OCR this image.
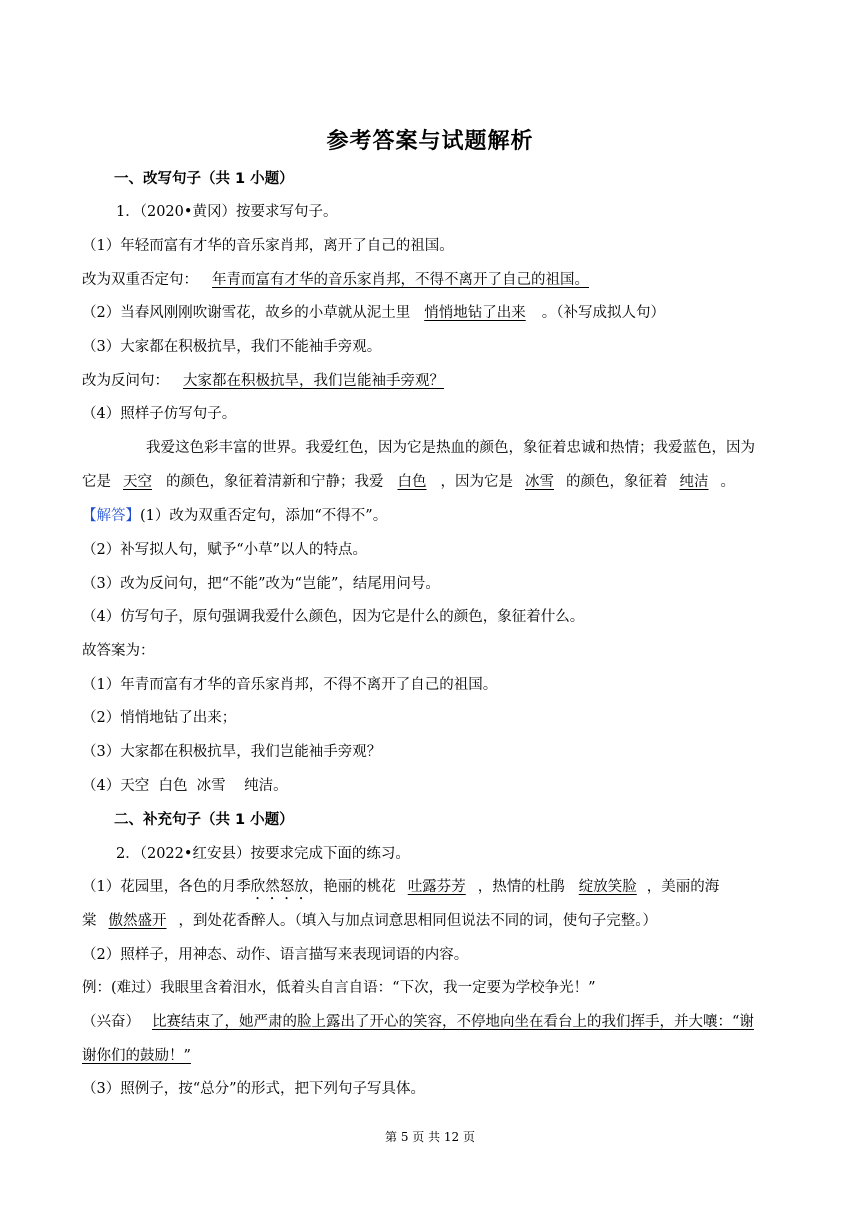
参考答案与试题解析
一、改写句子（共 1 小题）
1．（2020•黄冈）按要求写句子。
（1）年轻而富有才华的音乐家肖邦，离开了自己的祖国。
改为双重否定句： 年青而富有才华的音乐家肖邦，不得不离开了自己的祖国。
（2）当春风刚刚吹谢雪花，故乡的小草就从泥土里 悄悄地钻了出来 。（补写成拟人句）
（3）大家都在积极抗旱，我们不能袖手旁观。
改为反问句： 大家都在积极抗旱，我们岂能袖手旁观？
（4）照样子仿写句子。
我爱这色彩丰富的世界。我爱红色，因为它是热血的颜色，象征着忠诚和热情；我爱蓝色，因为
它是 天空 的颜色，象征着清新和宁静；我爱 白色 ，因为它是 冰雪 的颜色，象征着 纯洁 。
【解答】(1）改为双重否定句，添加“不得不”。
（2）补写拟人句，赋予“小草”以人的特点。
（3）改为反问句，把“不能”改为“岂能”，结尾用问号。
（4）仿写句子，原句强调我爱什么颜色，因为它是什么的颜色，象征着什么。
故答案为：
（1）年青而富有才华的音乐家肖邦，不得不离开了自己的祖国。
（2）悄悄地钻了出来；
（3）大家都在积极抗旱，我们岂能袖手旁观？
（4）天空  白色  冰雪    纯洁。
二、补充句子（共 1 小题）
2．（2022•红安县）按要求完成下面的练习。
（1）花园里，各色的月季欣然怒放，艳丽的桃花 吐露芬芳 ，热情的杜鹃 绽放笑脸 ，美丽的海
棠 傲然盛开 ，到处花香醉人。（填入与加点词意思相同但说法不同的词，使句子完整。）
（2）照样子，用神态、动作、语言描写来表现词语的内容。
例：(难过）我眼里含着泪水，低着头自言自语：“下次，我一定要为学校争光！”
（兴奋） 比赛结束了，她严肃的脸上露出了开心的笑容，不停地向坐在看台上的我们挥手，并大嚷：“谢
谢你们的鼓励！”
（3）照例子，按“总分”的形式，把下列句子写具体。
第 5 页 共 12 页
